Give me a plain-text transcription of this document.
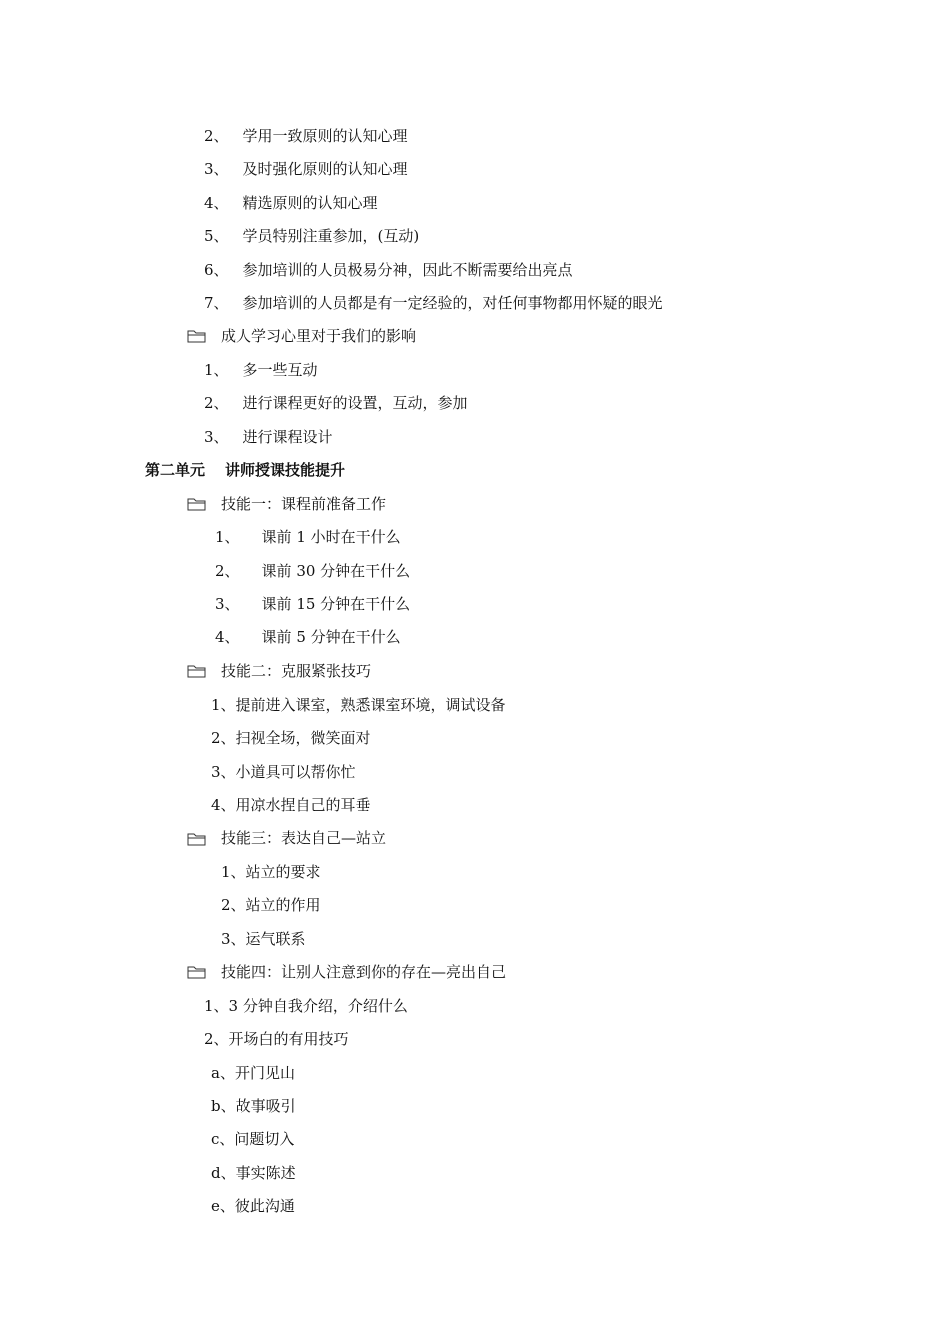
2、 学用一致原则的认知心理
3、 及时强化原则的认知心理
4、 精选原则的认知心理
5、 学员特别注重参加，(互动)
6、 参加培训的人员极易分神，因此不断需要给出亮点
7、 参加培训的人员都是有一定经验的，对任何事物都用怀疑的眼光
成人学习心里对于我们的影响
1、 多一些互动
2、 进行课程更好的设置，互动，参加
3、 进行课程设计
第二单元 讲师授课技能提升
技能一：课程前准备工作
1、 课前 1 小时在干什么
2、 课前 30 分钟在干什么
3、 课前 15 分钟在干什么
4、 课前 5 分钟在干什么
技能二：克服紧张技巧
1、提前进入课室，熟悉课室环境，调试设备
2、扫视全场，微笑面对
3、小道具可以帮你忙
4、用凉水捏自己的耳垂
技能三：表达自己—站立
1、站立的要求
2、站立的作用
3、运气联系
技能四：让别人注意到你的存在—亮出自己
1、3 分钟自我介绍，介绍什么
2、开场白的有用技巧
a、开门见山
b、故事吸引
c、问题切入
d、事实陈述
e、彼此沟通
